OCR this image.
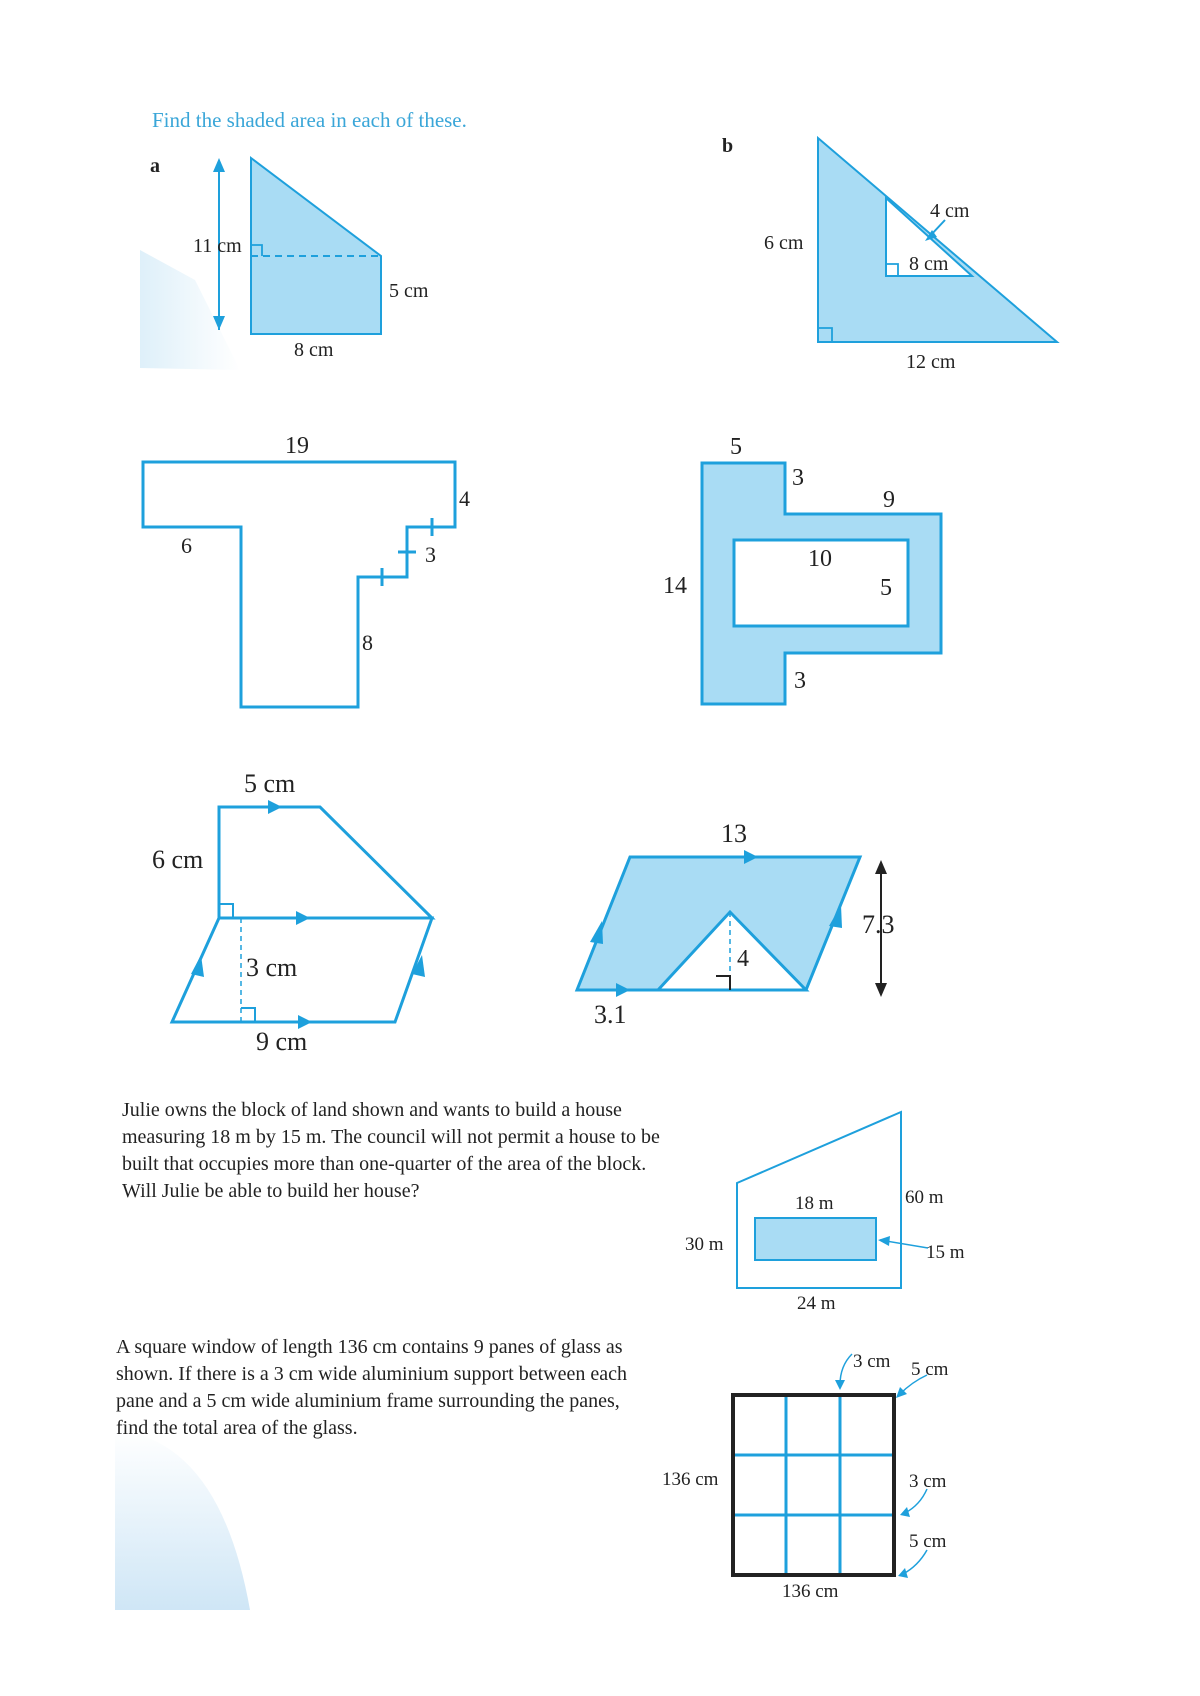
Find the shaded area in each of these.
a
11 cm
5 cm
8 cm
b
6 cm
4 cm
8 cm
12 cm
19
4
6	3
8
5
3
9
10
5
14
3
5 cm
6 cm
3 cm
9 cm
13
7.3
4
3.1
18 m
30 m
60 m
15 m
24 m
3 cm 5 cm
136 cm	3 cm
5 cm
136 cm
Julie owns the block of land shown and wants to build a house measuring 18 m by 15 m. The council will not permit a house to be built that occupies more than one-quarter of the area of the block. Will Julie be able to build her house?
A square window of length 136 cm contains 9 panes of glass as shown. If there is a 3 cm wide aluminium support between each pane and a 5 cm wide aluminium frame surrounding the panes, find the total area of the glass.
